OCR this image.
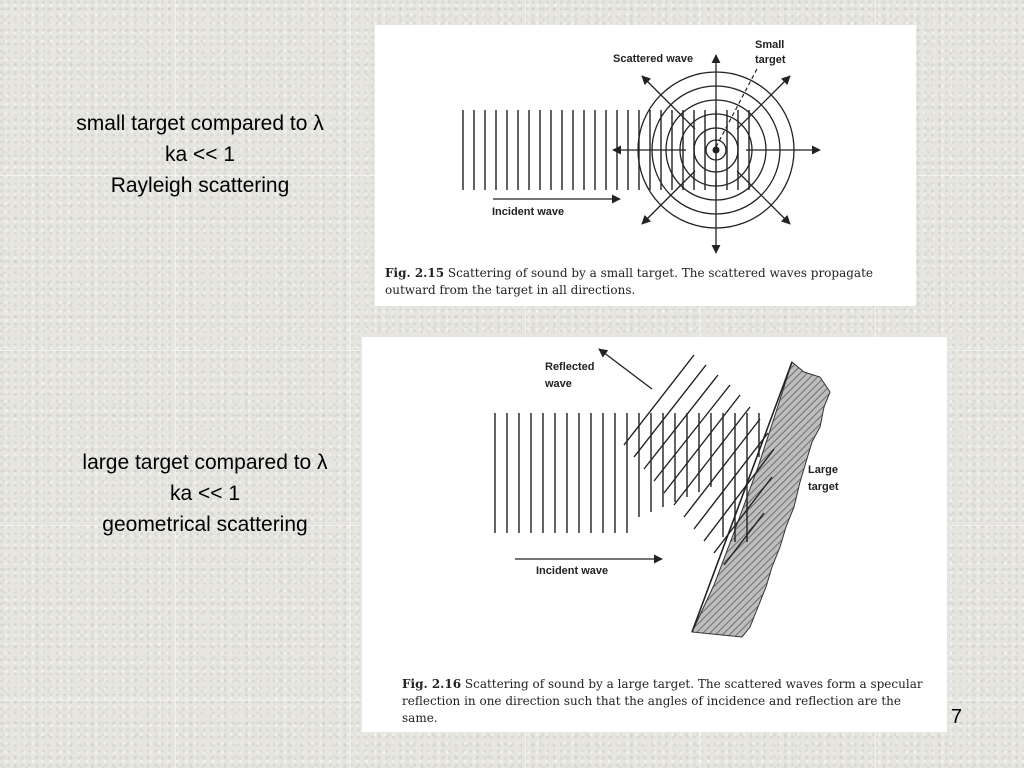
small target compared to λ
ka << 1
Rayleigh scattering
large target compared to λ
ka << 1
geometrical scattering
Scattered wave
Small
target
Incident wave
Fig. 2.15 Scattering of sound by a small target. The scattered waves propagate
outward from the target in all directions.
Reflected
wave
Large
target
Incident wave
Fig. 2.16 Scattering of sound by a large target. The scattered waves form a specular
reflection in one direction such that the angles of incidence and reflection are the
same.	7
